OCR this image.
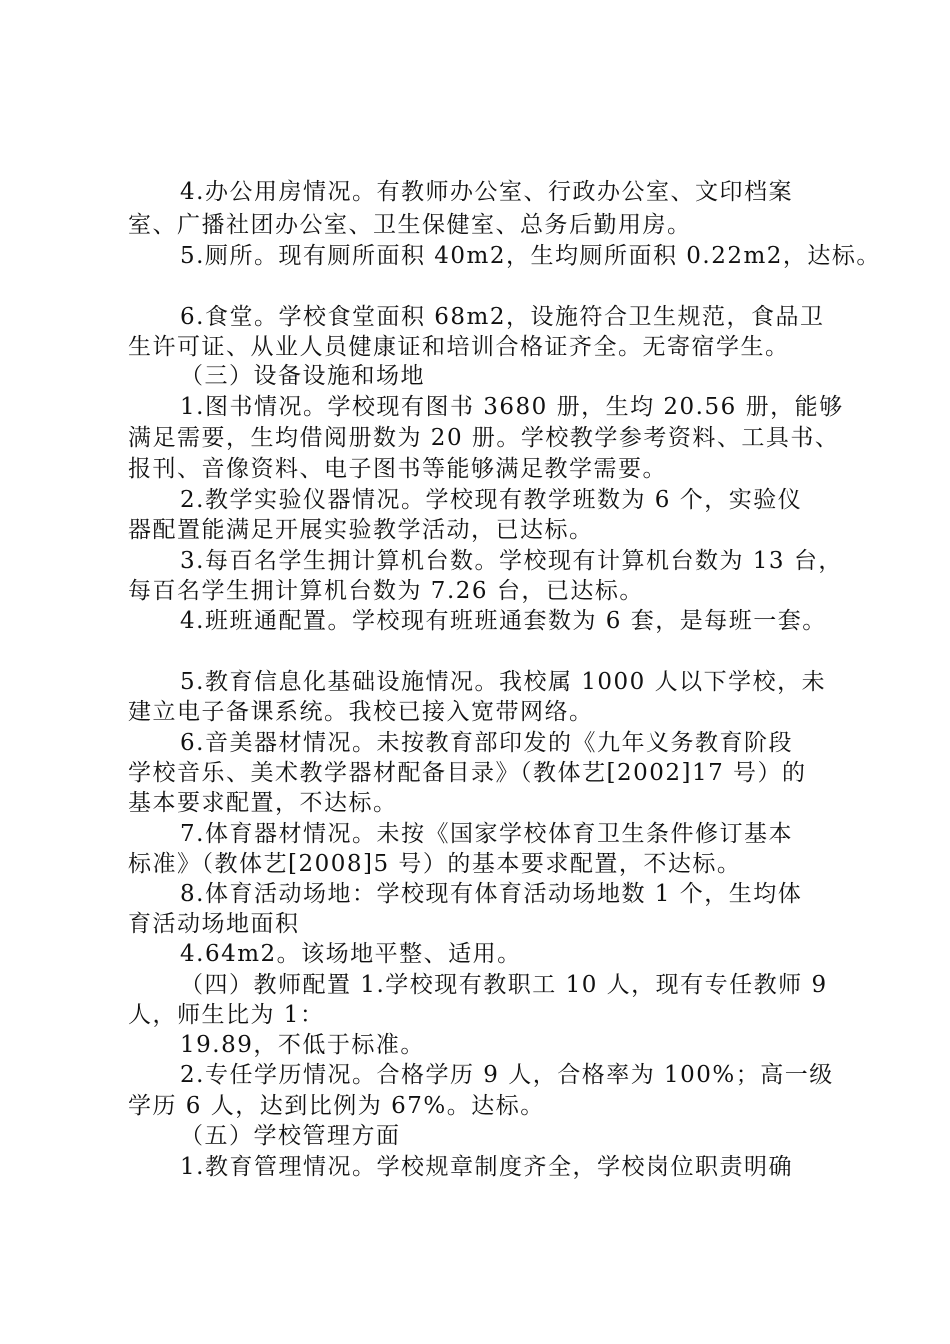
4.办公用房情况。有教师办公室、行政办公室、文印档案
室、广播社团办公室、卫生保健室、总务后勤用房。
5.厕所。现有厕所面积 40m2，生均厕所面积 0.22m2，达标。
6.食堂。学校食堂面积 68m2，设施符合卫生规范，食品卫
生许可证、从业人员健康证和培训合格证齐全。无寄宿学生。
（三）设备设施和场地
1.图书情况。学校现有图书 3680 册，生均 20.56 册，能够
满足需要，生均借阅册数为 20 册。学校教学参考资料、工具书、
报刊、音像资料、电子图书等能够满足教学需要。
2.教学实验仪器情况。学校现有教学班数为 6 个，实验仪
器配置能满足开展实验教学活动，已达标。
3.每百名学生拥计算机台数。学校现有计算机台数为 13 台，
每百名学生拥计算机台数为 7.26 台，已达标。
4.班班通配置。学校现有班班通套数为 6 套，是每班一套。
5.教育信息化基础设施情况。我校属 1000 人以下学校，未
建立电子备课系统。我校已接入宽带网络。
6.音美器材情况。未按教育部印发的《九年义务教育阶段
学校音乐、美术教学器材配备目录》（教体艺[2002]17 号）的
基本要求配置，不达标。
7.体育器材情况。未按《国家学校体育卫生条件修订基本
标准》（教体艺[2008]5 号）的基本要求配置，不达标。
8.体育活动场地：学校现有体育活动场地数 1 个，生均体
育活动场地面积
4.64m2。该场地平整、适用。
（四）教师配置 1.学校现有教职工 10 人，现有专任教师 9
人，师生比为 1：
19.89，不低于标准。
2.专任学历情况。合格学历 9 人，合格率为 100%；高一级
学历 6 人，达到比例为 67%。达标。
（五）学校管理方面
1.教育管理情况。学校规章制度齐全，学校岗位职责明确
